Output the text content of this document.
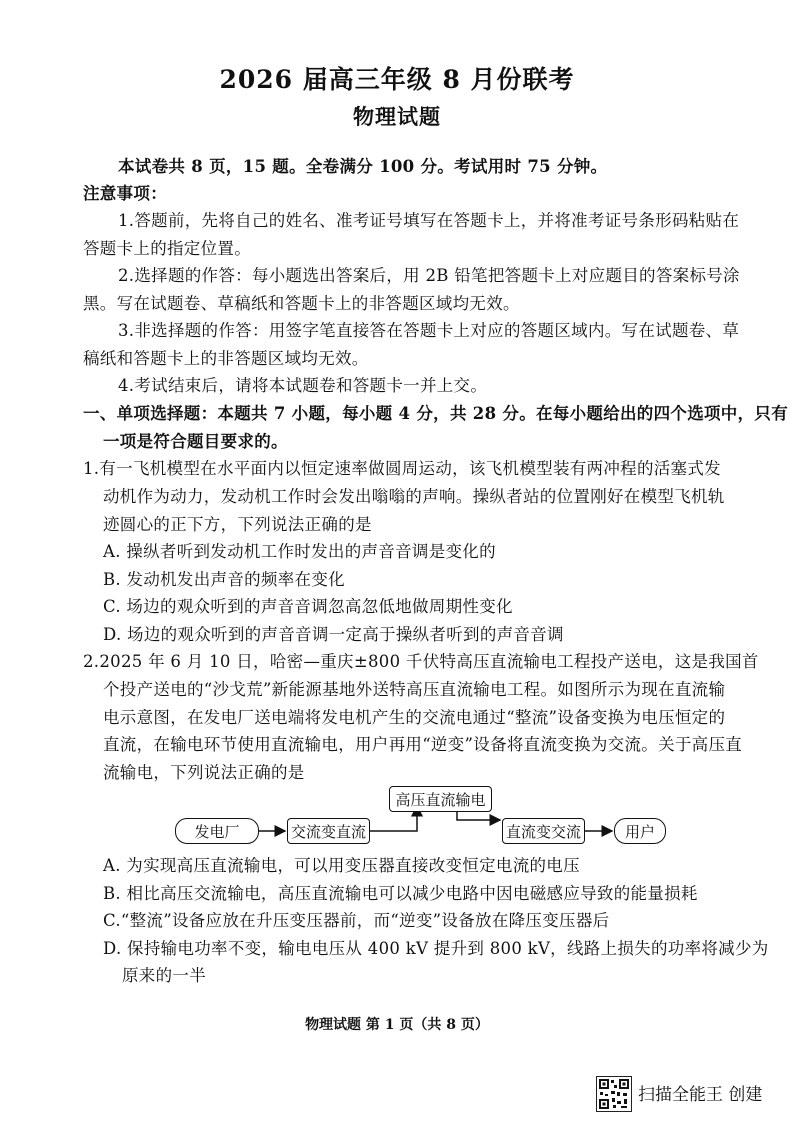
2026 届高三年级 8 月份联考
物理试题
本试卷共 8 页，15 题。全卷满分 100 分。考试用时 75 分钟。
注意事项：
1.答题前，先将自己的姓名、准考证号填写在答题卡上，并将准考证号条形码粘贴在
答题卡上的指定位置。
2.选择题的作答：每小题选出答案后，用 2B 铅笔把答题卡上对应题目的答案标号涂
黑。写在试题卷、草稿纸和答题卡上的非答题区域均无效。
3.非选择题的作答：用签字笔直接答在答题卡上对应的答题区域内。写在试题卷、草
稿纸和答题卡上的非答题区域均无效。
4.考试结束后，请将本试题卷和答题卡一并上交。
一、单项选择题：本题共 7 小题，每小题 4 分，共 28 分。在每小题给出的四个选项中，只有
一项是符合题目要求的。
1.有一飞机模型在水平面内以恒定速率做圆周运动，该飞机模型装有两冲程的活塞式发
动机作为动力，发动机工作时会发出嗡嗡的声响。操纵者站的位置刚好在模型飞机轨
迹圆心的正下方，下列说法正确的是
A. 操纵者听到发动机工作时发出的声音音调是变化的
B. 发动机发出声音的频率在变化
C. 场边的观众听到的声音音调忽高忽低地做周期性变化
D. 场边的观众听到的声音音调一定高于操纵者听到的声音音调
2.2025 年 6 月 10 日，哈密—重庆±800 千伏特高压直流输电工程投产送电，这是我国首
个投产送电的“沙戈荒”新能源基地外送特高压直流输电工程。如图所示为现在直流输
电示意图，在发电厂送电端将发电机产生的交流电通过“整流”设备变换为电压恒定的
直流，在输电环节使用直流输电，用户再用“逆变”设备将直流变换为交流。关于高压直
流输电，下列说法正确的是
发电厂	交流变直流
高压直流输电
直流变交流	用户
A. 为实现高压直流输电，可以用变压器直接改变恒定电流的电压
B. 相比高压交流输电，高压直流输电可以减少电路中因电磁感应导致的能量损耗
C.“整流”设备应放在升压变压器前，而“逆变”设备放在降压变压器后
D. 保持输电功率不变，输电电压从 400 kV 提升到 800 kV，线路上损失的功率将减少为
原来的一半
物理试题 第 1 页（共 8 页）
扫描全能王 创建
